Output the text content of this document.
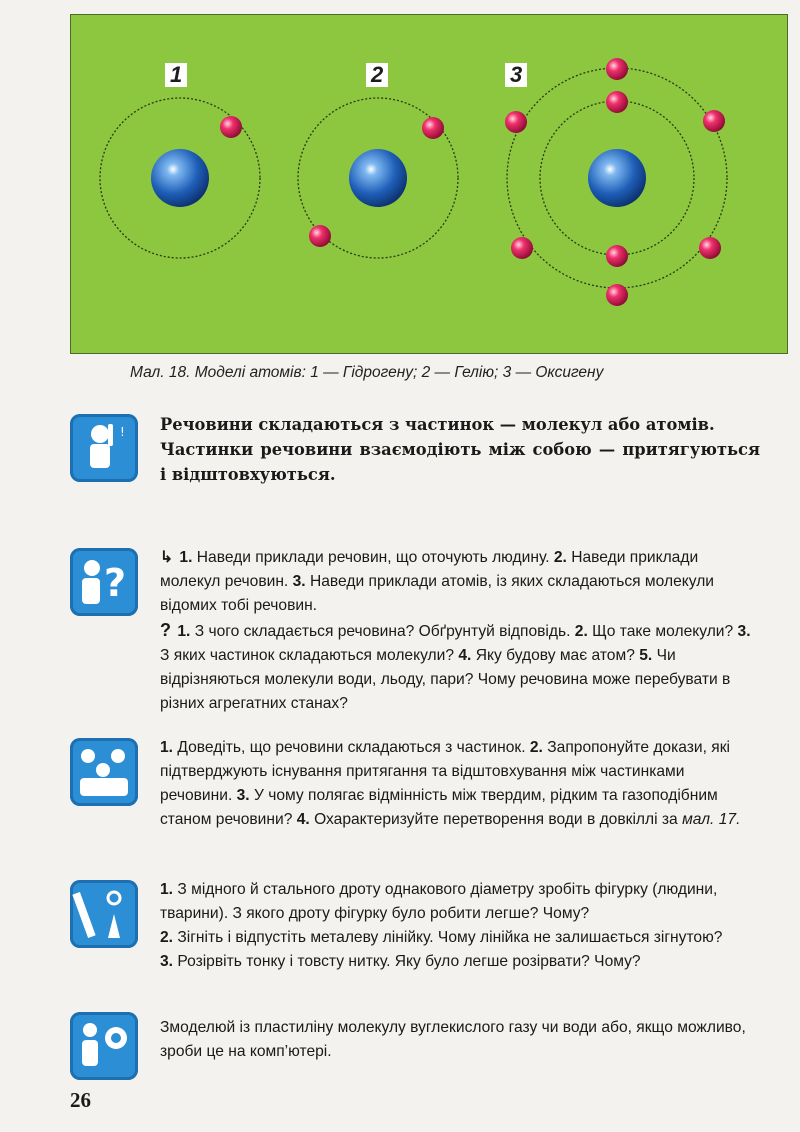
1	2	3
Мал. 18. Моделі атомів: 1 — Гідрогену; 2 — Гелію; 3 — Оксигену
! Речовини складаються з частинок — молекул або атомів.

Частинки речовини взаємодіють між собою — притягуються і відштовхуються.

?

↳ 1. Наведи приклади речовин, що оточують людину. 2. Наведи приклади молекул речовин. 3. Наведи приклади атомів, із яких складаються молекули відомих тобі речовин.

? 1. З чого складається речовина? Обґрунтуй відповідь. 2. Що таке молекули? 3. З яких частинок складаються молекули? 4. Яку будову має атом? 5. Чи відрізняються молекули води, льоду, пари? Чому речовина може перебувати в різних агрегатних станах?

1. Доведіть, що речовини складаються з частинок. 2. Запропонуйте докази, які підтверджують існування притягання та відштовхування між частинками речовини. 3. У чому полягає відмінність між твердим, рідким та газоподібним станом речовини? 4. Охарактеризуйте перетворення води в довкіллі за мал. 17.

1. З мідного й стального дроту однакового діаметру зробіть фігурку (людини, тварини). З якого дроту фігурку було робити легше? Чому?

2. Зігніть і відпустіть металеву лінійку. Чому лінійка не залишається зігнутою?

3. Розірвіть тонку і товсту нитку. Яку було легше розірвати? Чому?

Змоделюй із пластиліну молекулу вуглекислого газу чи води або, якщо можливо, зроби це на комп’ютері.

26
